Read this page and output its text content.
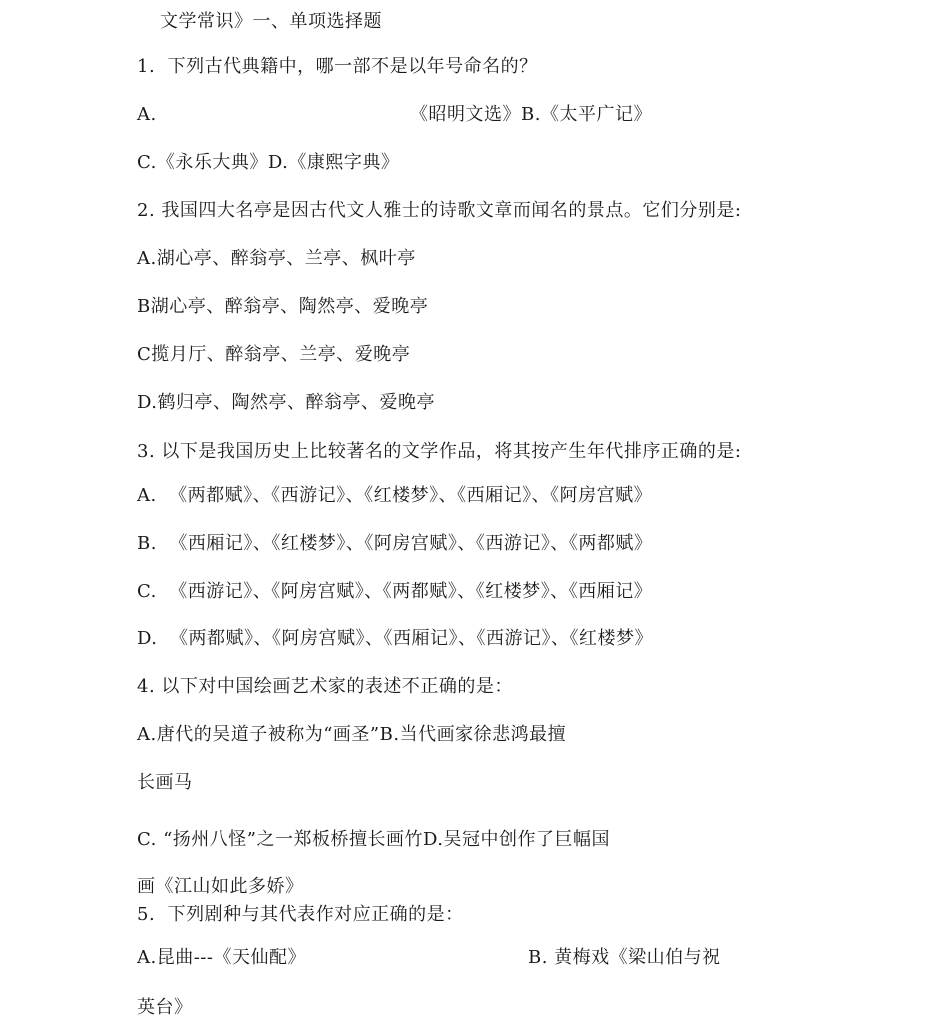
文学常识》一、单项选择题
1.  下列古代典籍中，哪一部不是以年号命名的？
A.	《昭明文选》B.《太平广记》
C.《永乐大典》D.《康熙字典》
2. 我国四大名亭是因古代文人雅士的诗歌文章而闻名的景点。它们分别是:
A.湖心亭、醉翁亭、兰亭、枫叶亭
B湖心亭、醉翁亭、陶然亭、爱晚亭
C揽月厅、醉翁亭、兰亭、爱晚亭
D.鹤归亭、陶然亭、醉翁亭、爱晚亭
3. 以下是我国历史上比较著名的文学作品，将其按产生年代排序正确的是:
A.  《两都赋》、《西游记》、《红楼梦》、《西厢记》、《阿房宫赋》
B.  《西厢记》、《红楼梦》、《阿房宫赋》、《西游记》、《两都赋》
C.  《西游记》、《阿房宫赋》、《两都赋》、《红楼梦》、《西厢记》
D.  《两都赋》、《阿房宫赋》、《西厢记》、《西游记》、《红楼梦》
4. 以下对中国绘画艺术家的表述不正确的是：
A.唐代的吴道子被称为“画圣”B.当代画家徐悲鸿最擅
长画马
C. “扬州八怪”之一郑板桥擅长画竹D.吴冠中创作了巨幅国
画《江山如此多娇》
5.  下列剧种与其代表作对应正确的是：
A.昆曲---《天仙配》	B. 黄梅戏《梁山伯与祝
英台》
